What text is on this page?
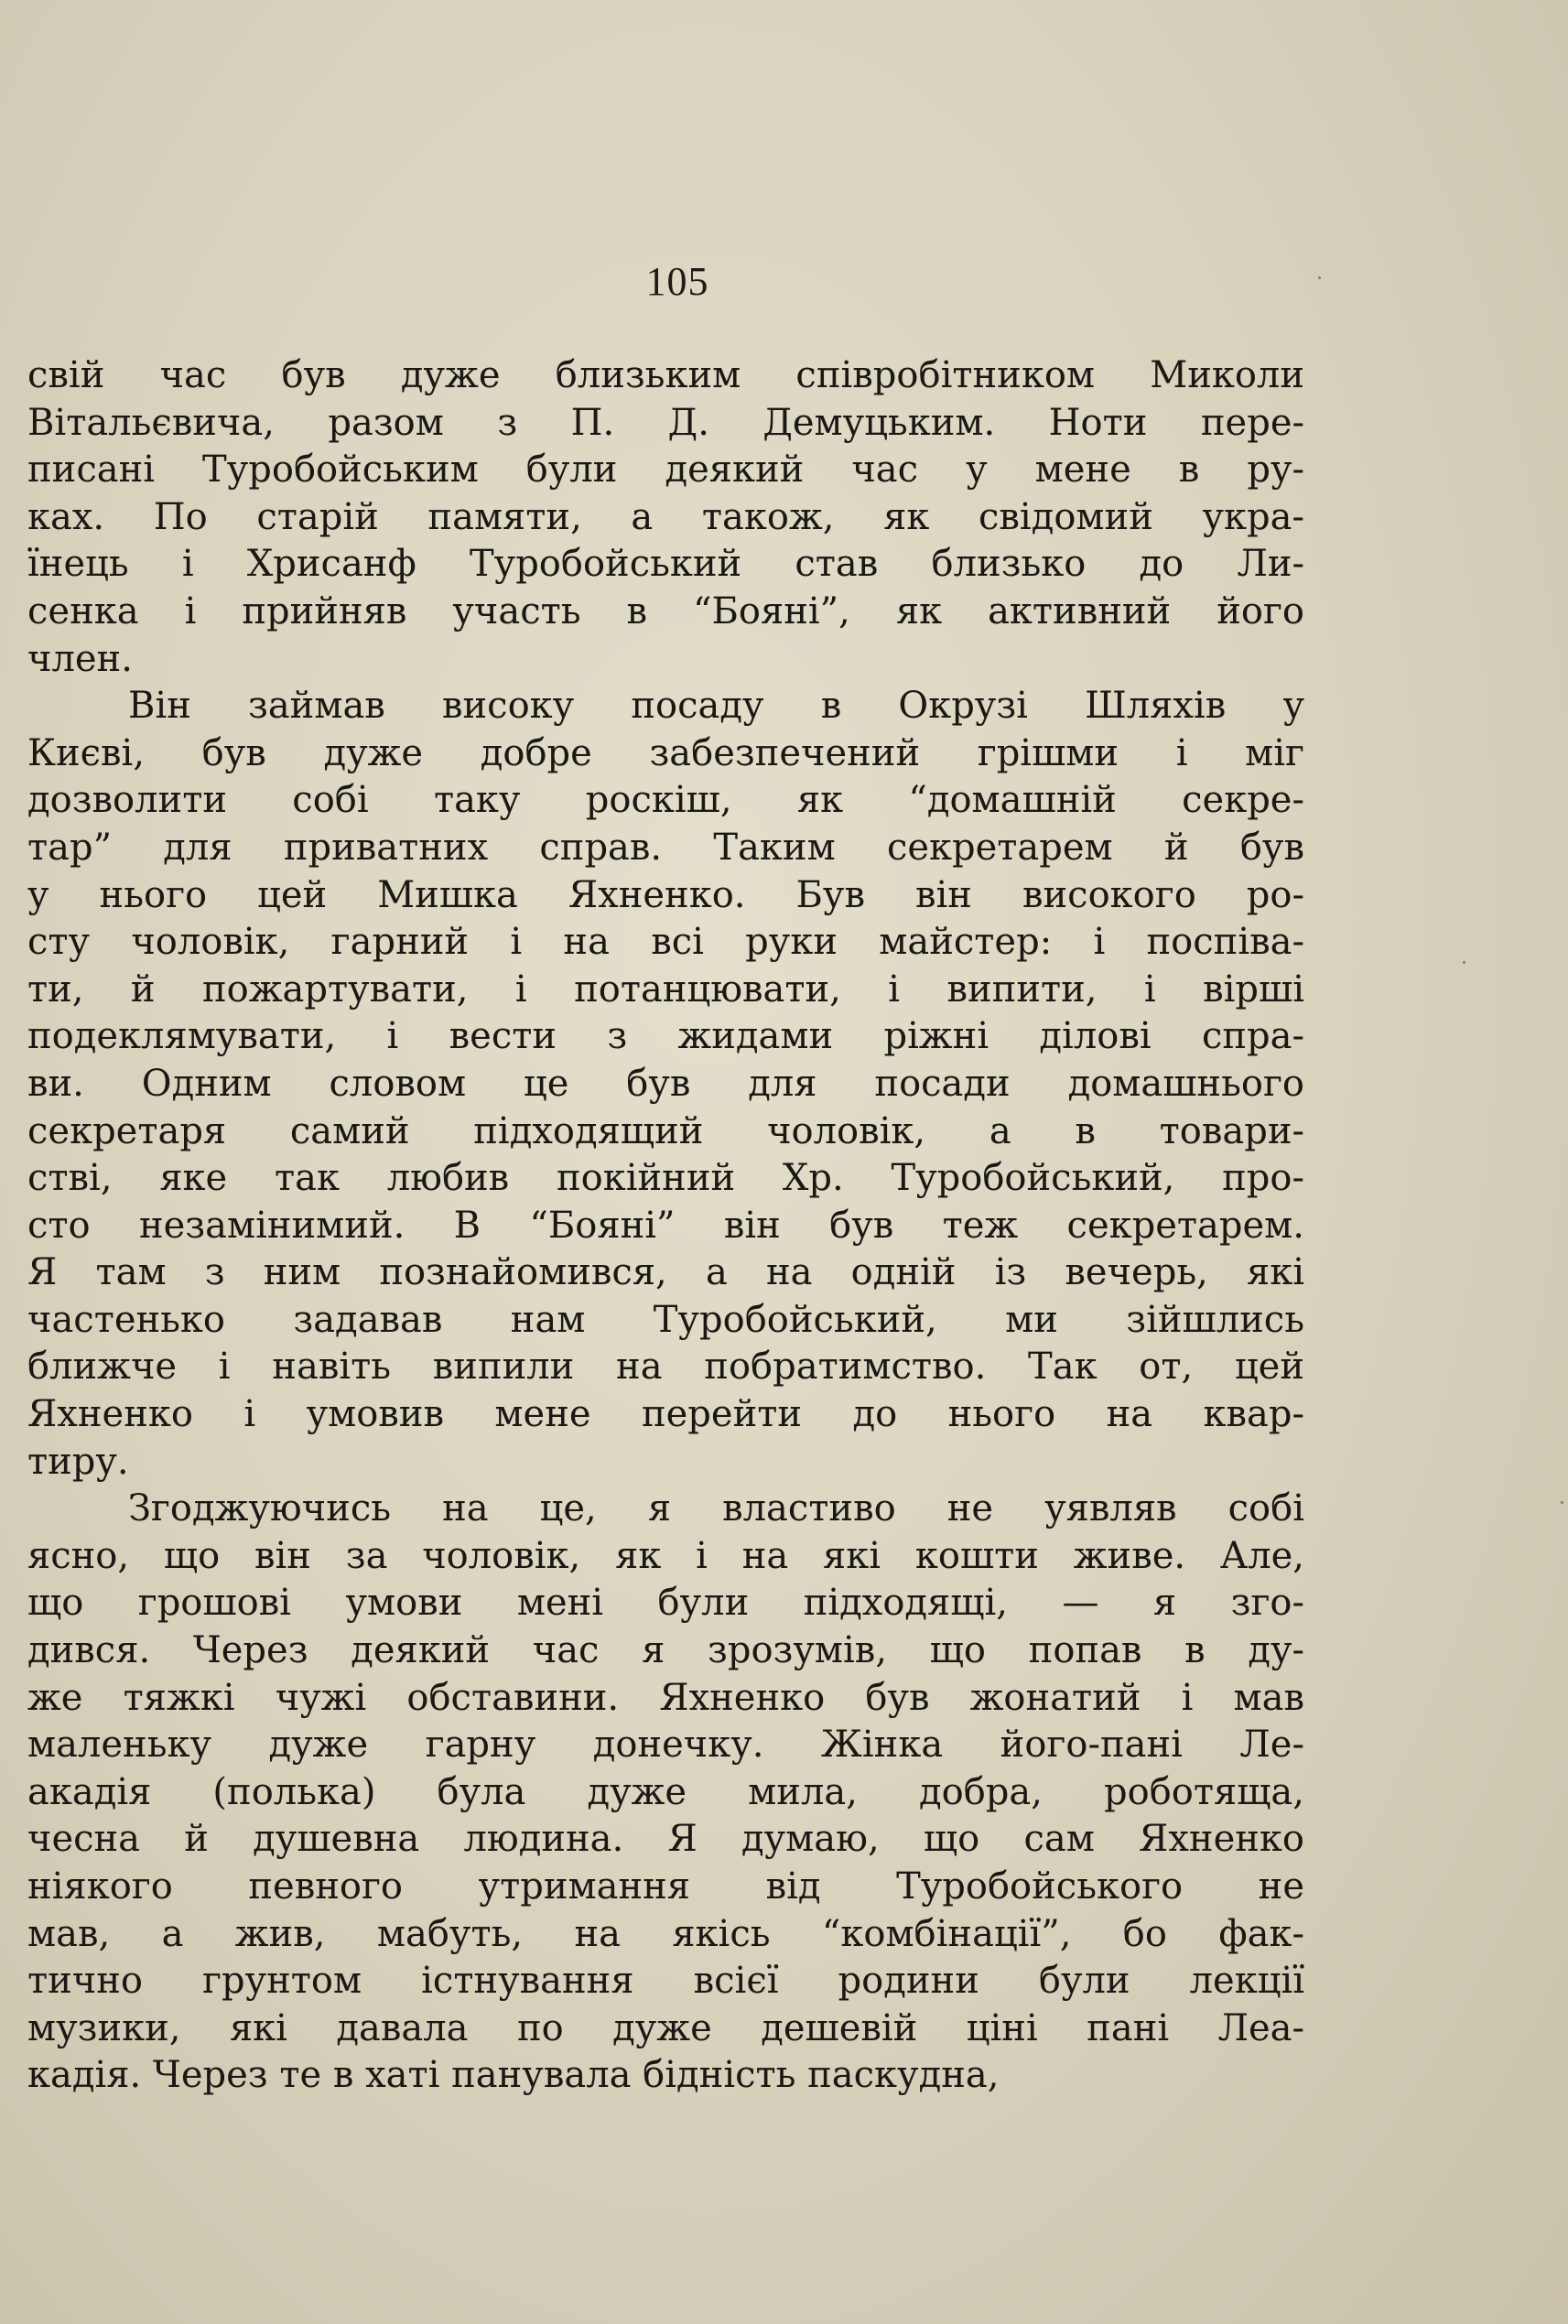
105
свій час був дуже близьким співробітником Миколи
Вітальєвича, разом з П. Д. Демуцьким. Ноти пере-
писані Туробойським були деякий час у мене в ру-
ках. По старій памяти, а також, як свідомий укра-
їнець і Хрисанф Туробойський став близько до Ли-
сенка і прийняв участь в “Бояні”, як активний його
член.
Він займав високу посаду в Окрузі Шляхів у
Києві, був дуже добре забезпечений грішми і міг
дозволити собі таку роскіш, як “домашній секре-
тар” для приватних справ. Таким секретарем й був
у нього цей Мишка Яхненко. Був він високого ро-
сту чоловік, гарний і на всі руки майстер: і поспіва-
ти, й пожартувати, і потанцювати, і випити, і вірші
подеклямувати, і вести з жидами ріжні ділові спра-
ви. Одним словом це був для посади домашнього
секретаря самий підходящий чоловік, а в товари-
стві, яке так любив покійний Хр. Туробойський, про-
сто незамінимий. В “Бояні” він був теж секретарем.
Я там з ним познайомився, а на одній із вечерь, які
частенько задавав нам Туробойський, ми зійшлись
ближче і навіть випили на побратимство. Так от, цей
Яхненко і умовив мене перейти до нього на квар-
тиру.
Згоджуючись на це, я властиво не уявляв собі
ясно, що він за чоловік, як і на які кошти живе. Але,
що грошові умови мені були підходящі, — я зго-
дився. Через деякий час я зрозумів, що попав в ду-
же тяжкі чужі обставини. Яхненко був жонатий і мав
маленьку дуже гарну донечку. Жінка його-пані Ле-
акадія (полька) була дуже мила, добра, роботяща,
чесна й душевна людина. Я думаю, що сам Яхненко
ніякого певного утримання від Туробойського не
мав, а жив, мабуть, на якісь “комбінації”, бо фак-
тично грунтом істнування всієї родини були лекції
музики, які давала по дуже дешевій ціні пані Леа-
кадія. Через те в хаті панувала бідність паскудна,
